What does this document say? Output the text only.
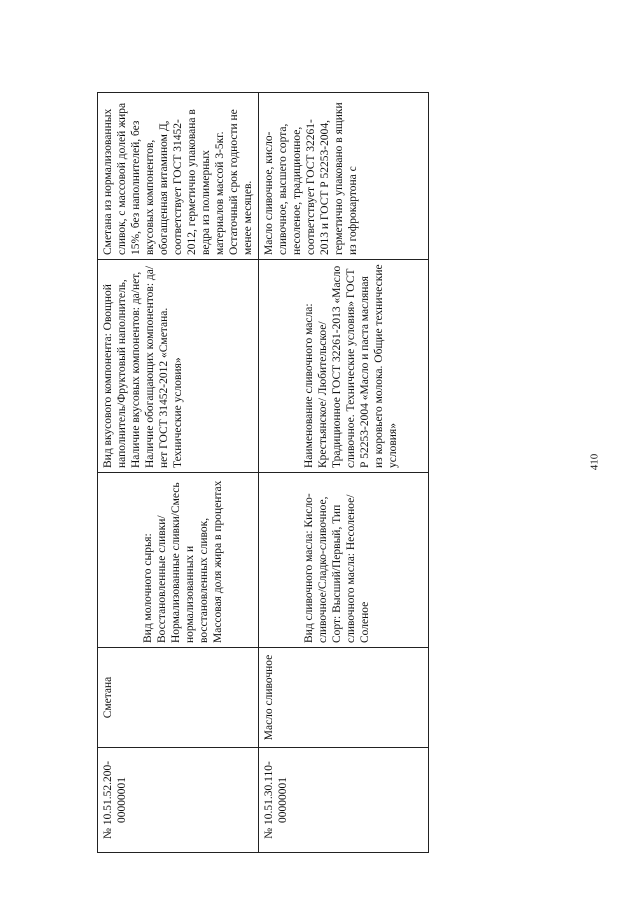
№ 10.51.52.200-00000001	Сметана	Вид молочного сырья: Восстановленные сливки/Нормализованные сливки/Смесь нормализованных и восстановленных сливок, Массовая доля жира в процентах	Вид вкусового компонента: Овощной наполнитель/Фруктовый наполнитель, Наличие вкусовых компонентов: да/нет, Наличие обогащающих компонентов: да/нет ГОСТ 31452-2012 «Сметана. Технические условия»	Сметана из нормализованных сливок, с массовой долей жира 15%, без наполнителей, без вкусовых компонентов, обогащенная витамином Д, соответствует ГОСТ 31452-2012, герметично упакована в ведра из полимерных материалов массой 3-5кг. Остаточный срок годности не менее месяцев.

№ 10.51.30.110-00000001	Масло сливочное	Вид сливочного масла: Кисло-сливочное/Сладко-сливочное, Сорт: Высший/Первый, Тип сливочного масла: Несоленое/Соленое	Наименование сливочного масла: Крестьянское/ Любительское/Традиционное ГОСТ 32261-2013 «Масло сливочное. Технические условия» ГОСТ Р 52253-2004 «Масло и паста масляная из коровьего молока. Общие технические условия»	Масло сливочное, кисло-сливочное, высшего сорта, несоленое, традиционное, соответствует ГОСТ 32261-2013 и ГОСТ Р 52253-2004, герметично упаковано в ящики из гофрокартона с
410
